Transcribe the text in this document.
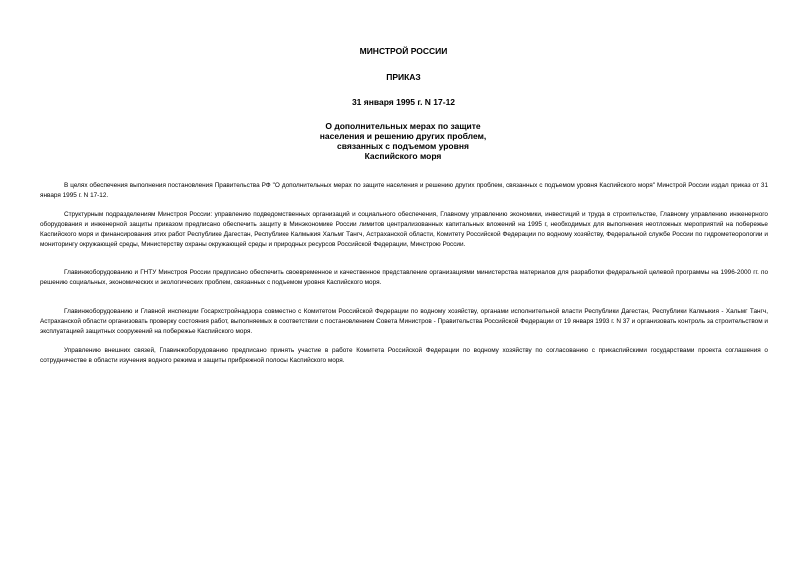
МИНСТРОЙ РОССИИ
ПРИКАЗ
31 января 1995 г. N 17-12
О дополнительных мерах по защите
населения и решению других проблем,
связанных с подъемом уровня
Каспийского моря

В целях обеспечения выполнения постановления Правительства РФ "О дополнительных мерах по защите населения и решению других проблем, связанных с подъемом уровня Каспийского моря" Минстрой России издал приказ от 31 января 1995 г. N 17-12.

Структурным подразделениям Минстроя России: управлению подведомственных организаций и социального обеспечения, Главному управлению экономики, инвестиций и труда в строительстве, Главному управлению инженерного оборудования и инженерной защиты приказом предписано обеспечить защиту в Минэкономике России лимитов централизованных капитальных вложений на 1995 г, необходимых для выполнения неотложных мероприятий на побережье Каспийского моря и финансирования этих работ Республике Дагестан, Республике Калмыкия Хальмг Тангч, Астраханской области, Комитету Российской Федерации по водному хозяйству, Федеральной службе России по гидрометеорологии и мониторингу окружающей среды, Министерству охраны окружающей среды и природных ресурсов Российской Федерации, Минстрою России.

Главинжоборудованию и ГНТУ Минстроя России предписано обеспечить своевременное и качественное представление организациями министерства материалов для разработки федеральной целевой программы на 1996-2000 гг. по решению социальных, экономических и экологических проблем, связанных с подъемом уровня Каспийского моря.

Главинжоборудованию и Главной инспекции Госархстройнадзора совместно с Комитетом Российской Федерации по водному хозяйству, органами исполнительной власти Республики Дагестан, Республики Калмыкия - Хальмг Тангч, Астраханской области организовать проверку состояния работ, выполняемых в соответствии с постановлением Совета Министров - Правительства Российской Федерации от 19 января 1993 г. N 37 и организовать контроль за строительством и эксплуатацией защитных сооружений на побережье Каспийского моря.

Управлению внешних связей, Главинжоборудованию предписано принять участие в работе Комитета Российской Федерации по водному хозяйству по согласованию с прикаспийскими государствами проекта соглашения о сотрудничестве в области изучения водного режима и защиты прибрежной полосы Каспийского моря.
